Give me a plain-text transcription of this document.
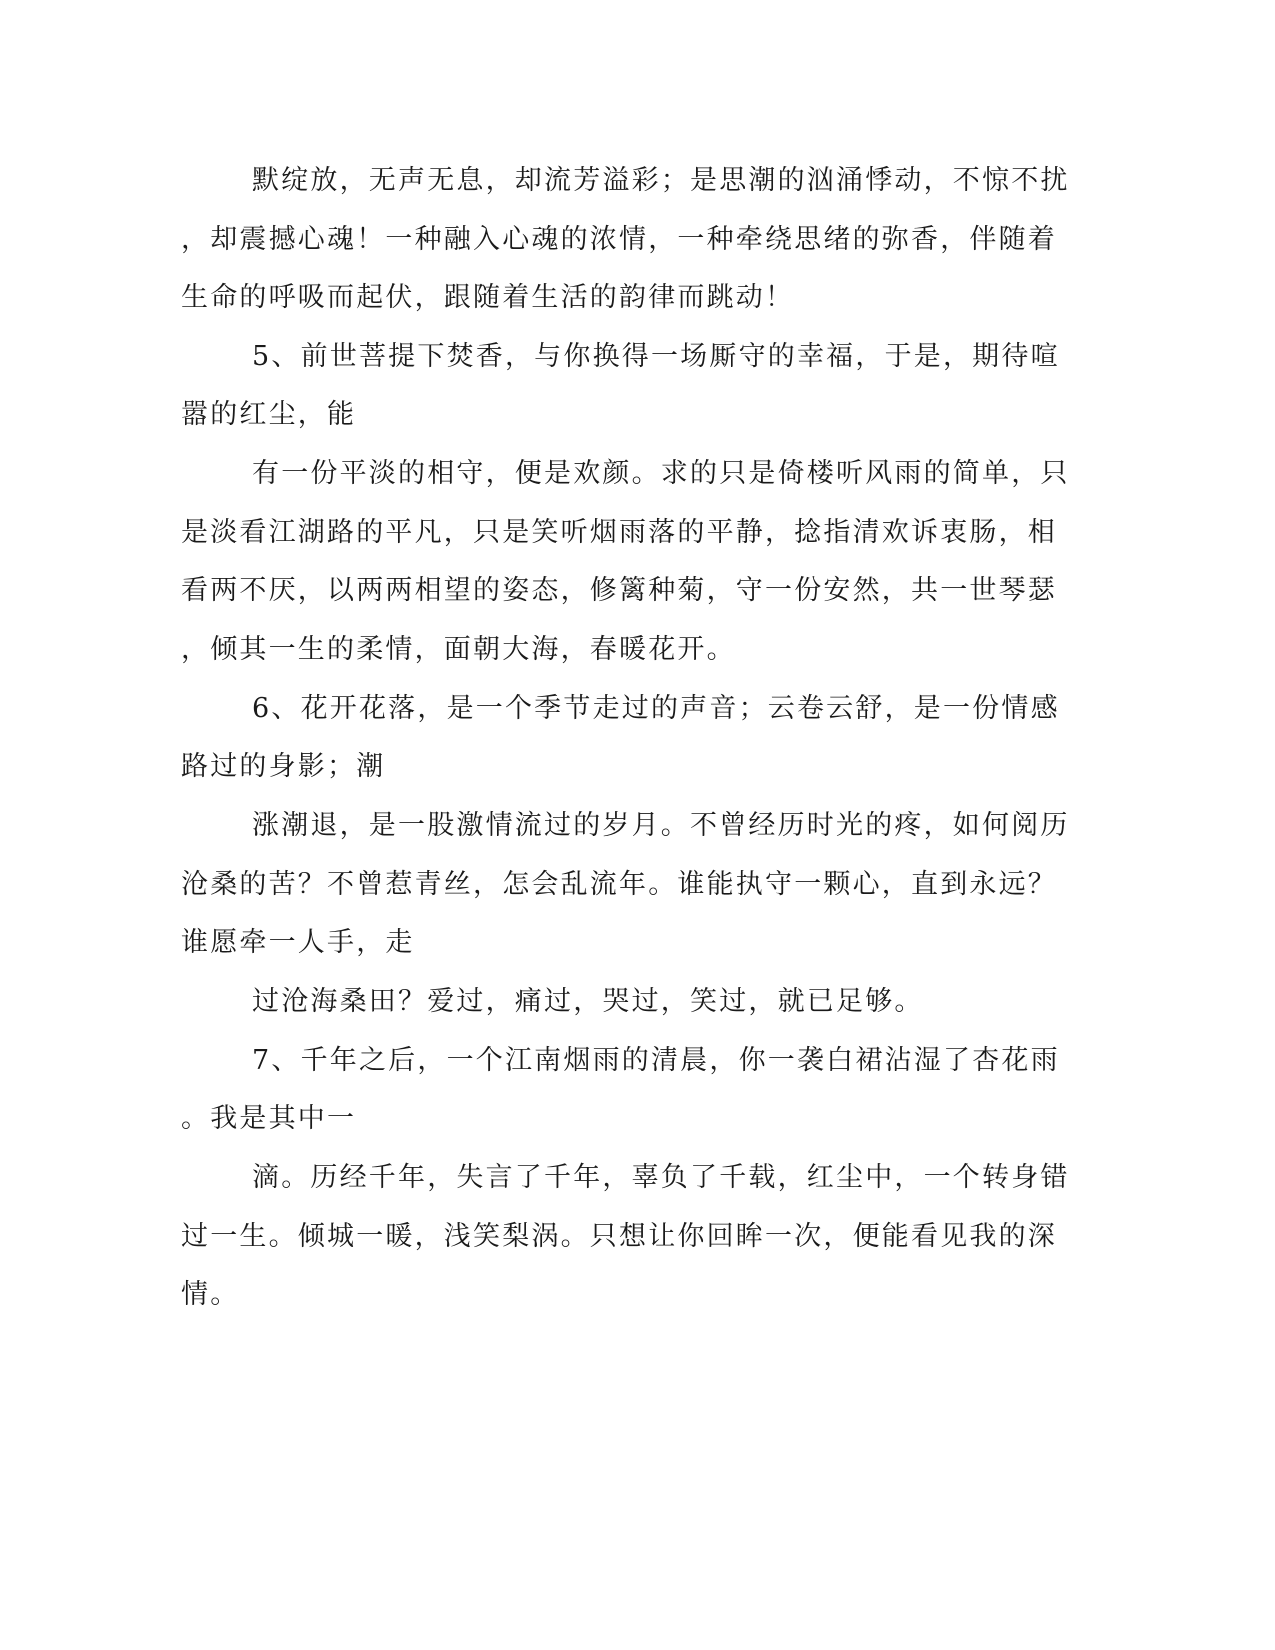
默绽放，无声无息，却流芳溢彩；是思潮的汹涌悸动，不惊不扰
，却震撼心魂！一种融入心魂的浓情，一种牵绕思绪的弥香，伴随着
生命的呼吸而起伏，跟随着生活的韵律而跳动！
5、前世菩提下焚香，与你换得一场厮守的幸福，于是，期待喧
嚣的红尘，能
有一份平淡的相守，便是欢颜。求的只是倚楼听风雨的简单，只
是淡看江湖路的平凡，只是笑听烟雨落的平静，捻指清欢诉衷肠，相
看两不厌，以两两相望的姿态，修篱种菊，守一份安然，共一世琴瑟
，倾其一生的柔情，面朝大海，春暖花开。
6、花开花落，是一个季节走过的声音；云卷云舒，是一份情感
路过的身影；潮
涨潮退，是一股激情流过的岁月。不曾经历时光的疼，如何阅历
沧桑的苦？不曾惹青丝，怎会乱流年。谁能执守一颗心，直到永远？
谁愿牵一人手，走
过沧海桑田？爱过，痛过，哭过，笑过，就已足够。
7、千年之后，一个江南烟雨的清晨，你一袭白裙沾湿了杏花雨
。我是其中一
滴。历经千年，失言了千年，辜负了千载，红尘中，一个转身错
过一生。倾城一暖，浅笑梨涡。只想让你回眸一次，便能看见我的深
情。
